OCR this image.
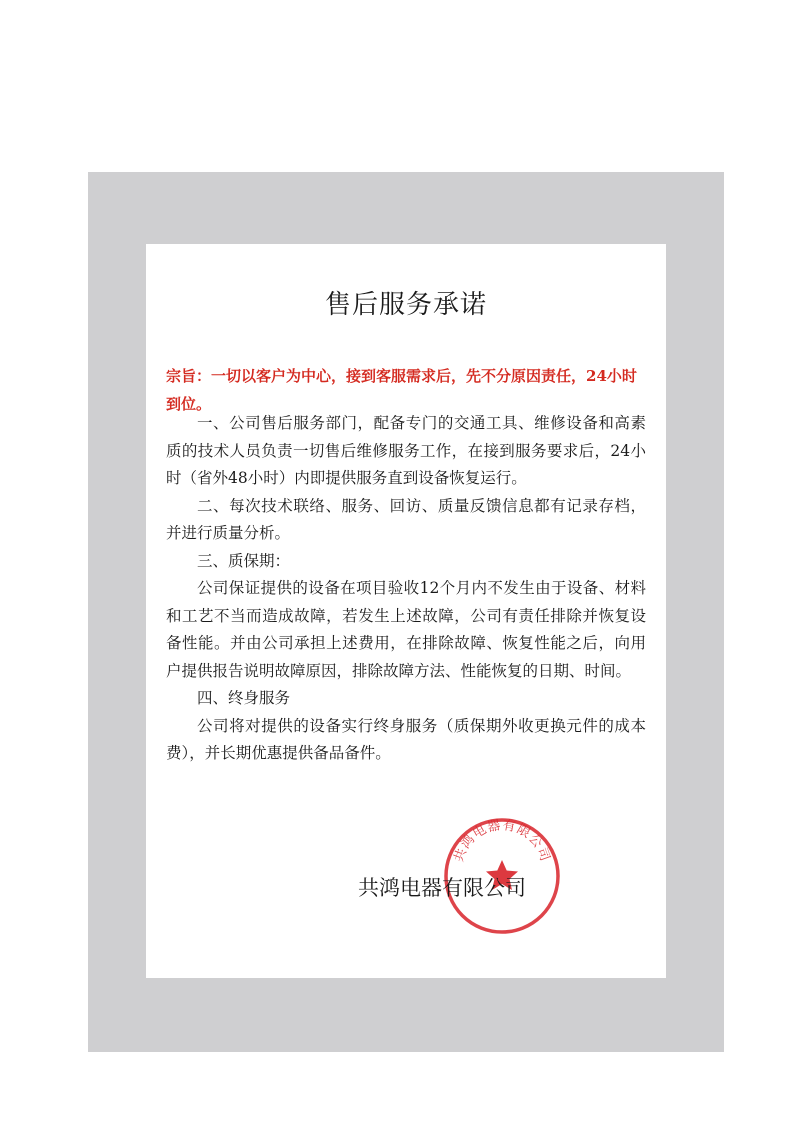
售后服务承诺
宗旨：一切以客户为中心，接到客服需求后，先不分原因责任，24小时到位。

一、公司售后服务部门，配备专门的交通工具、维修设备和高素质的技术人员负责一切售后维修服务工作，在接到服务要求后，24小时（省外48小时）内即提供服务直到设备恢复运行。

二、每次技术联络、服务、回访、质量反馈信息都有记录存档，并进行质量分析。

三、质保期：

公司保证提供的设备在项目验收12个月内不发生由于设备、材料和工艺不当而造成故障，若发生上述故障，公司有责任排除并恢复设备性能。并由公司承担上述费用，在排除故障、恢复性能之后，向用户提供报告说明故障原因，排除故障方法、性能恢复的日期、时间。

四、终身服务

公司将对提供的设备实行终身服务（质保期外收更换元件的成本费），并长期优惠提供备品备件。

共鸿电器有限公司
共鸿电器有限公司
